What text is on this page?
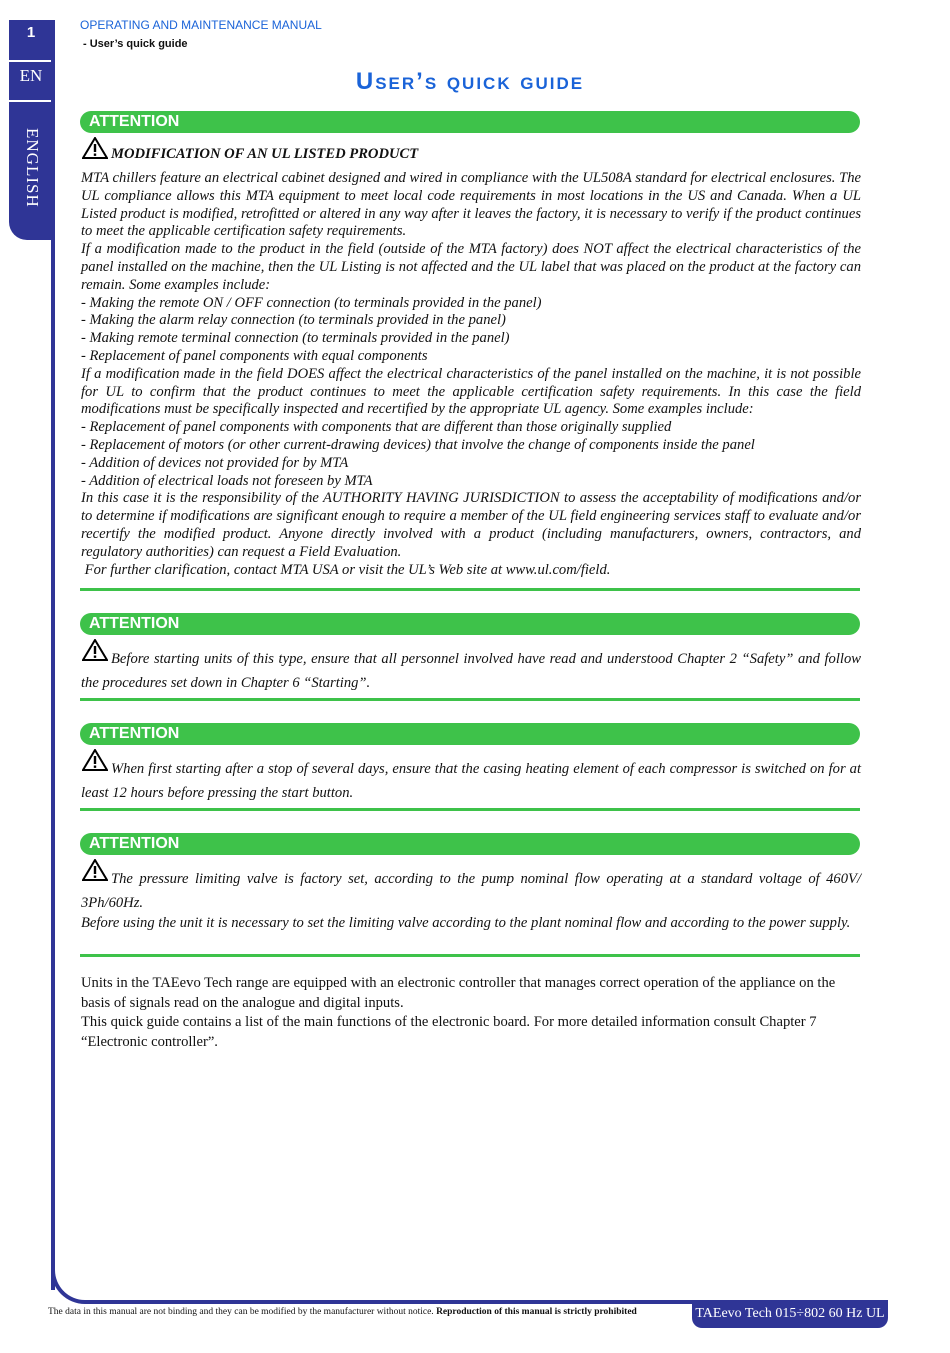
1
EN
ENGLISH
OPERATING AND MAINTENANCE MANUAL
- User’s quick guide
User’s quick guide
ATTENTION
MODIFICATION OF AN UL LISTED PRODUCT

MTA chillers feature an electrical cabinet designed and wired in compliance with the UL508A standard for electrical enclosures. The UL compliance allows this MTA equipment to meet local code requirements in most locations in the US and Canada. When a UL Listed product is modified, retrofitted or altered in any way after it leaves the factory, it is necessary to verify if the product continues to meet the applicable certification safety requirements.

If a modification made to the product in the field (outside of the MTA factory) does NOT affect the electrical characteristics of the panel installed on the machine, then the UL Listing is not affected and the UL label that was placed on the product at the factory can remain. Some examples include:

- Making the remote ON / OFF connection (to terminals provided in the panel)

- Making the alarm relay connection (to terminals provided in the panel)

- Making remote terminal connection (to terminals provided in the panel)

- Replacement of panel components with equal components

If a modification made in the field DOES affect the electrical characteristics of the panel installed on the machine, it is not possible for UL to confirm that the product continues to meet the applicable certification safety requirements. In this case the field modifications must be specifically inspected and recertified by the appropriate UL agency. Some examples include:

- Replacement of panel components with components that are different than those originally supplied

- Replacement of motors (or other current-drawing devices) that involve the change of components inside the panel

- Addition of devices not provided for by MTA

- Addition of electrical loads not foreseen by MTA

In this case it is the responsibility of the AUTHORITY HAVING JURISDICTION to assess the acceptability of modifications and/or to determine if modifications are significant enough to require a member of the UL field engineering services staff to evaluate and/or recertify the modified product. Anyone directly involved with a product (including manufacturers, owners, contractors, and regulatory authorities) can request a Field Evaluation.

For further clarification, contact MTA USA or visit the UL’s Web site at www.ul.com/field.

ATTENTION
Before starting units of this type, ensure that all personnel involved have read and understood Chapter 2 “Safety” and follow the procedures set down in Chapter 6 “Starting”.
ATTENTION
When first starting after a stop of several days, ensure that the casing heating element of each compressor is switched on for at least 12 hours before pressing the start button.
ATTENTION

The pressure limiting valve is factory set, according to the pump nominal flow operating at a standard voltage of 460V/ 3Ph/60Hz.

Before using the unit it is necessary to set the limiting valve according to the plant nominal flow and according to the power supply.

Units in the TAEevo Tech range are equipped with an electronic controller that manages correct operation of the appliance on the basis of signals read on the analogue and digital inputs.

This quick guide contains a list of the main functions of the electronic board. For more detailed information consult Chapter 7 “Electronic controller”.

The data in this manual are not binding and they can be modified by the manufacturer without notice. Reproduction of this manual is strictly prohibited	TAEevo Tech 015÷802 60 Hz UL
